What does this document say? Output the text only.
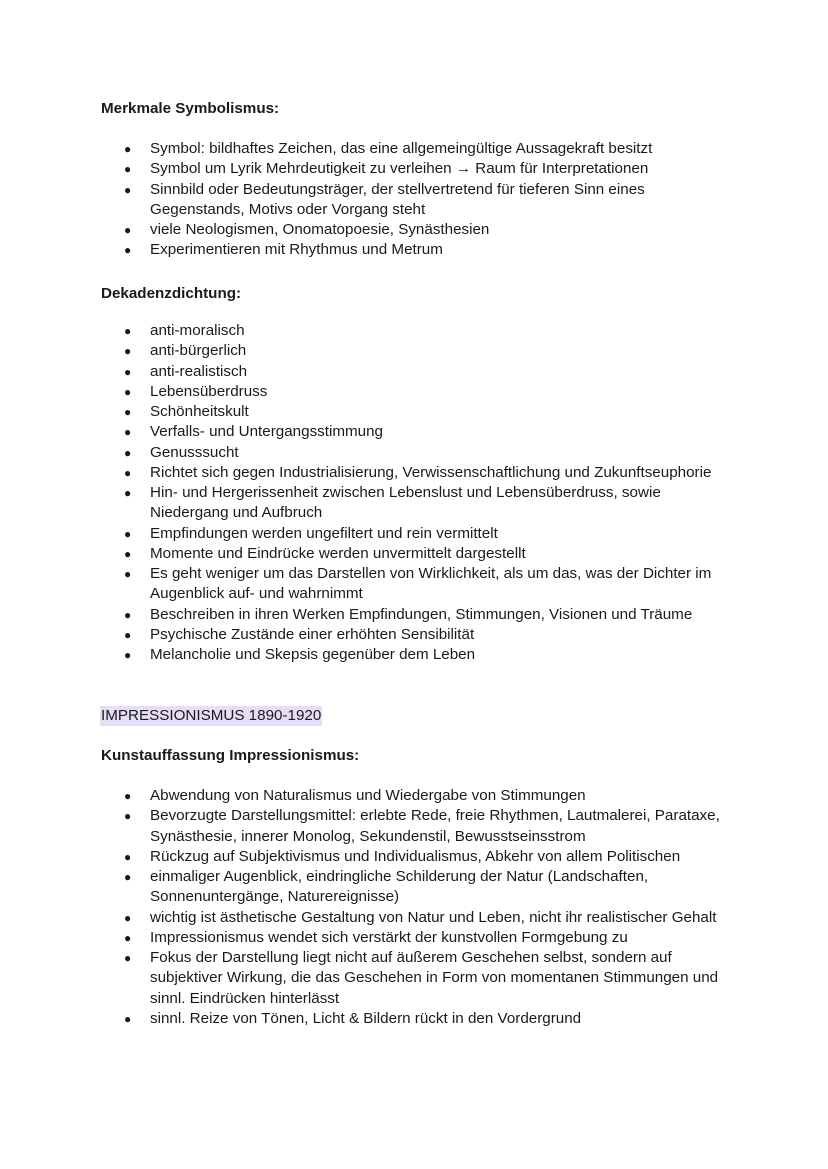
Merkmale Symbolismus:
● Symbol: bildhaftes Zeichen, das eine allgemeingültige Aussagekraft besitzt
● Symbol um Lyrik Mehrdeutigkeit zu verleihen → Raum für Interpretationen
● Sinnbild oder Bedeutungsträger, der stellvertretend für tieferen Sinn eines Gegenstands, Motivs oder Vorgang steht
● viele Neologismen, Onomatopoesie, Synästhesien
● Experimentieren mit Rhythmus und Metrum
Dekadenzdichtung:
● anti-moralisch
● anti-bürgerlich
● anti-realistisch
● Lebensüberdruss
● Schönheitskult
● Verfalls- und Untergangsstimmung
● Genusssucht
● Richtet sich gegen Industrialisierung, Verwissenschaftlichung und Zukunftseuphorie
● Hin- und Hergerissenheit zwischen Lebenslust und Lebensüberdruss, sowie Niedergang und Aufbruch
● Empfindungen werden ungefiltert und rein vermittelt
● Momente und Eindrücke werden unvermittelt dargestellt
● Es geht weniger um das Darstellen von Wirklichkeit, als um das, was der Dichter im Augenblick auf- und wahrnimmt
● Beschreiben in ihren Werken Empfindungen, Stimmungen, Visionen und Träume
● Psychische Zustände einer erhöhten Sensibilität
● Melancholie und Skepsis gegenüber dem Leben
IMPRESSIONISMUS 1890-1920
Kunstauffassung Impressionismus:
● Abwendung von Naturalismus und Wiedergabe von Stimmungen
● Bevorzugte Darstellungsmittel: erlebte Rede, freie Rhythmen, Lautmalerei, Parataxe, Synästhesie, innerer Monolog, Sekundenstil, Bewusstseinsstrom
● Rückzug auf Subjektivismus und Individualismus, Abkehr von allem Politischen
● einmaliger Augenblick, eindringliche Schilderung der Natur (Landschaften, Sonnenuntergänge, Naturereignisse)
● wichtig ist ästhetische Gestaltung von Natur und Leben, nicht ihr realistischer Gehalt
● Impressionismus wendet sich verstärkt der kunstvollen Formgebung zu
● Fokus der Darstellung liegt nicht auf äußerem Geschehen selbst, sondern auf subjektiver Wirkung, die das Geschehen in Form von momentanen Stimmungen und sinnl. Eindrücken hinterlässt
● sinnl. Reize von Tönen, Licht & Bildern rückt in den Vordergrund
